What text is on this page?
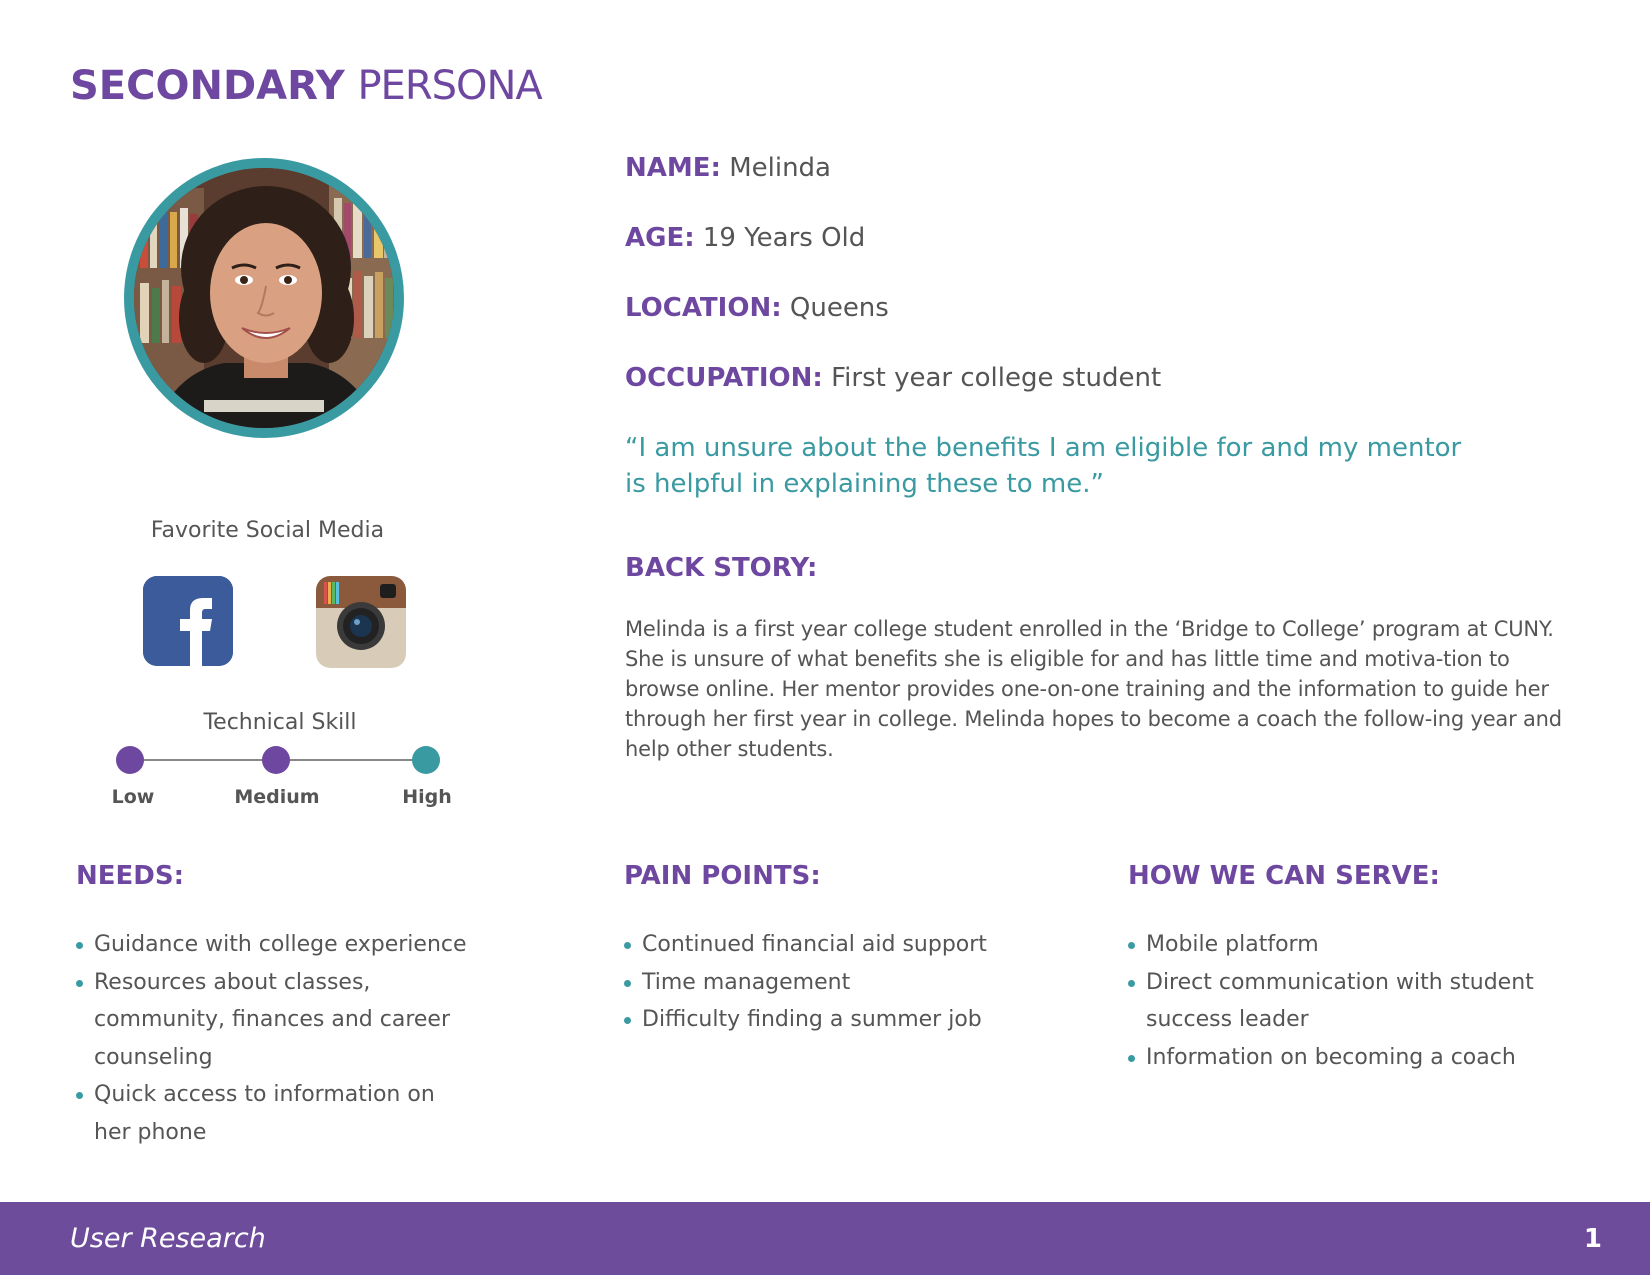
SECONDARY PERSONA
Favorite Social Media
Technical Skill
Low	Medium	High
NAME: Melinda
AGE: 19 Years Old
LOCATION: Queens
OCCUPATION: First year college student

“I am unsure about the benefits I am eligible for and my mentor is helpful in explaining these to me.”

BACK STORY:

Melinda is a first year college student enrolled in the ‘Bridge to College’ program at CUNY. She is unsure of what benefits she is eligible for and has little time and motiva-tion to browse online. Her mentor provides one-on-one training and the information to guide her through her first year in college. Melinda hopes to become a coach the follow-ing year and help other students.

NEEDS:
Guidance with college experience
Resources about classes, community, finances and career counseling
Quick access to information on her phone
PAIN POINTS:
Continued financial aid support
Time management
Difficulty finding a summer job
HOW WE CAN SERVE:
Mobile platform
Direct communication with student success leader
Information on becoming a coach
User Research	1
